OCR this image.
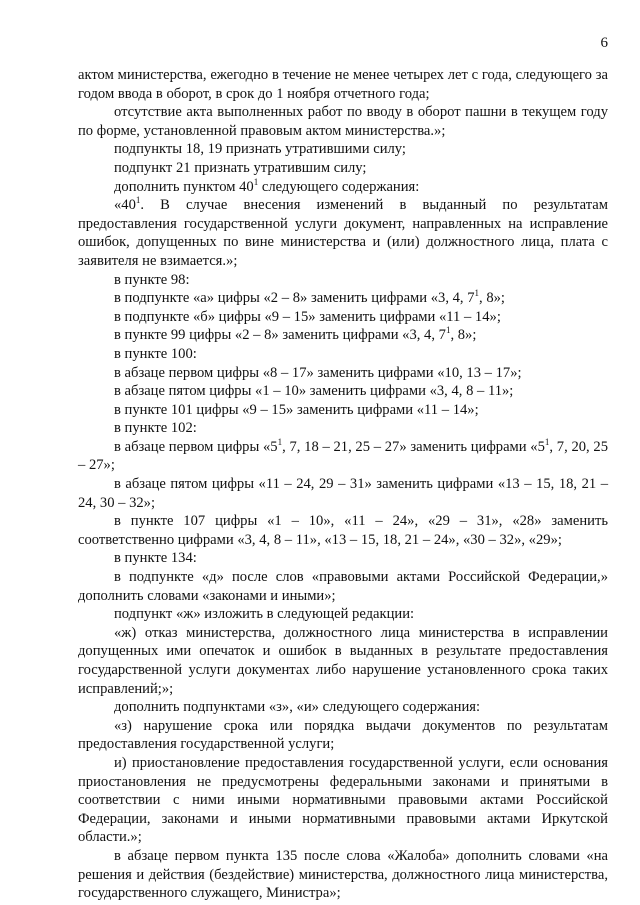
6

актом министерства, ежегодно в течение не менее четырех лет с года, следующего за годом ввода в оборот, в срок до 1 ноября отчетного года;

отсутствие акта выполненных работ по вводу в оборот пашни в текущем году по форме, установленной правовым актом министерства.»;

подпункты 18, 19 признать утратившими силу;

подпункт 21 признать утратившим силу;

дополнить пунктом $40^1$ следующего содержания:

«$40^1$. В случае внесения изменений в выданный по результатам предоставления государственной услуги документ, направленных на исправление ошибок, допущенных по вине министерства и (или) должностного лица, плата с заявителя не взимается.»;

в пункте 98:

в подпункте «а» цифры «2 – 8» заменить цифрами «3, 4, $7^1$, 8»;

в подпункте «б» цифры «9 – 15» заменить цифрами «11 – 14»;

в пункте 99 цифры «2 – 8» заменить цифрами «3, 4, $7^1$, 8»;

в пункте 100:

в абзаце первом цифры «8 – 17» заменить цифрами «10, 13 – 17»;

в абзаце пятом цифры «1 – 10» заменить цифрами «3, 4, 8 – 11»;

в пункте 101 цифры «9 – 15» заменить цифрами «11 – 14»;

в пункте 102:

в абзаце первом цифры «$5^1$, 7, 18 – 21, 25 – 27» заменить цифрами «$5^1$, 7, 20, 25 – 27»;

в абзаце пятом цифры «11 – 24, 29 – 31» заменить цифрами «13 – 15, 18, 21 – 24, 30 – 32»;

в пункте 107 цифры «1 – 10», «11 – 24», «29 – 31», «28» заменить соответственно цифрами «3, 4, 8 – 11», «13 – 15, 18, 21 – 24», «30 – 32», «29»;

в пункте 134:

в подпункте «д» после слов «правовыми актами Российской Федерации,» дополнить словами «законами и иными»;

подпункт «ж» изложить в следующей редакции:

«ж) отказ министерства, должностного лица министерства в исправлении допущенных ими опечаток и ошибок в выданных в результате предоставления государственной услуги документах либо нарушение установленного срока таких исправлений;»;

дополнить подпунктами «з», «и» следующего содержания:

«з) нарушение срока или порядка выдачи документов по результатам предоставления государственной услуги;

и) приостановление предоставления государственной услуги, если основания приостановления не предусмотрены федеральными законами и принятыми в соответствии с ними иными нормативными правовыми актами Российской Федерации, законами и иными нормативными правовыми актами Иркутской области.»;

в абзаце первом пункта 135 после слова «Жалоба» дополнить словами «на решения и действия (бездействие) министерства, должностного лица министерства, государственного служащего, Министра»;
